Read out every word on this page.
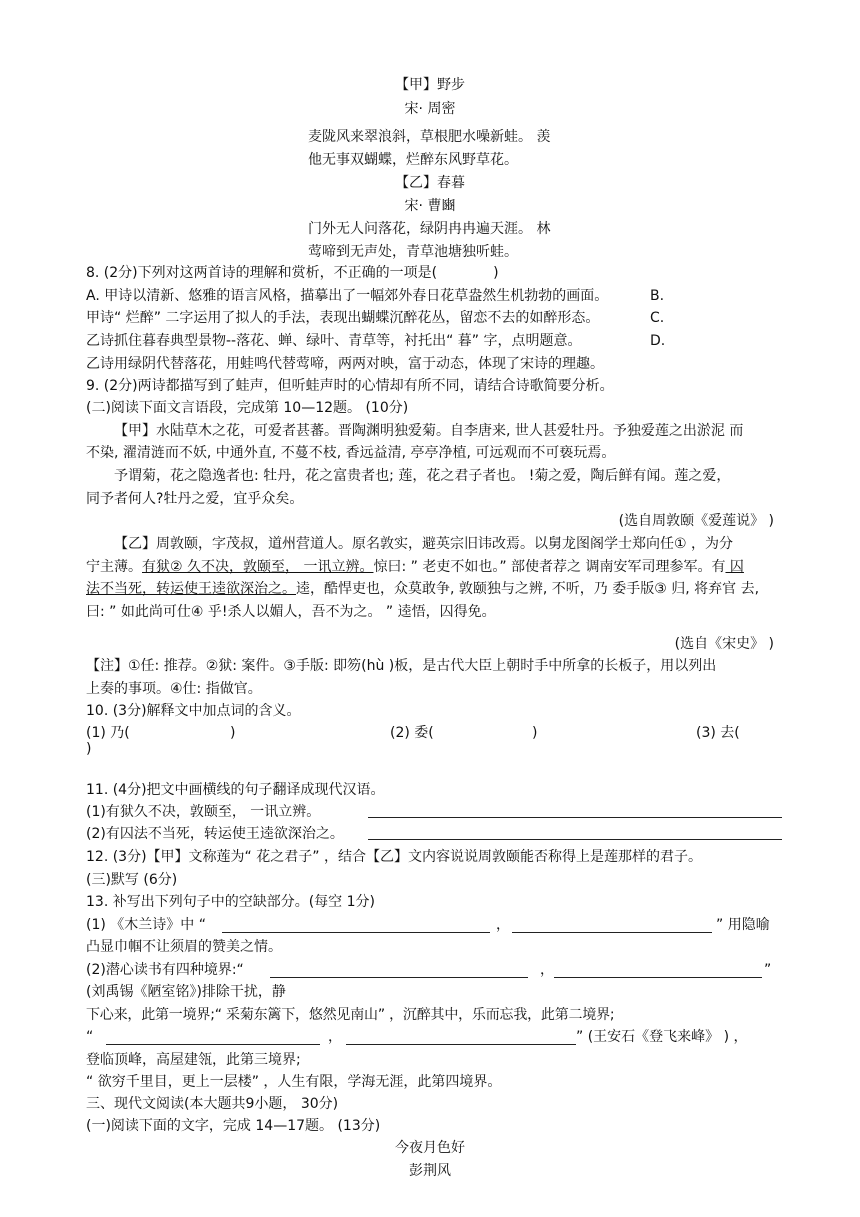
【甲】野步
宋· 周密
麦陇风来翠浪斜，草根肥水噪新蛙。 羡
他无事双蝴蝶，烂醉东风野草花。
【乙】春暮
宋· 曹豳
门外无人问落花，绿阴冉冉遍天涯。 林
莺啼到无声处，青草池塘独听蛙。
8. (2分)下列对这两首诗的理解和赏析，不正确的一项是(　　　　)
A. 甲诗以清新、悠雅的语言风格，描摹出了一幅郊外春日花草盎然生机勃勃的画面。	B.
甲诗“ 烂醉” 二字运用了拟人的手法，表现出蝴蝶沉醉花丛，留恋不去的如醉形态。	C.
乙诗抓住暮春典型景物--落花、蝉、绿叶、青草等，衬托出“ 暮” 字，点明题意。	D.
乙诗用绿阴代替落花，用蛙鸣代替莺啼，两两对映，富于动态，体现了宋诗的理趣。
9. (2分)两诗都描写到了蛙声，但听蛙声时的心情却有所不同，请结合诗歌简要分析。
(二)阅读下面文言语段，完成第 10—12题。 (10分)
【甲】水陆草木之花，可爱者甚蕃。晋陶渊明独爱菊。自李唐来, 世人甚爱牡丹。予独爱莲之出淤泥 而
不染, 濯清涟而不妖, 中通外直, 不蔓不枝, 香远益清, 亭亭净植, 可远观而不可亵玩焉。
予谓菊，花之隐逸者也: 牡丹，花之富贵者也; 莲，花之君子者也。 !菊之爱，陶后鲜有闻。莲之爱，
同予者何人?牡丹之爱，宜乎众矣。
(选自周敦颐《爱莲说》 )
【乙】周敦颐，字茂叔，道州营道人。原名敦实，避英宗旧讳改焉。以舅龙图阁学士郑向任① ，为分
宁主薄。有狱② 久不决，敦颐至， 一讯立辨。惊曰: ” 老吏不如也。” 部使者荐之 调南安军司理参军。有 囚
法不当死，转运使王逵欲深治之。逵，酷悍吏也，众莫敢争, 敦颐独与之辨, 不听，乃 委手版③ 归, 将弃官 去,
曰: ” 如此尚可仕④ 乎!杀人以媚人，吾不为之。 ” 逵悟，囚得免。
(选自《宋史》 )
【注】①任: 推荐。②狱: 案件。③手版: 即笏(hù )板，是古代大臣上朝时手中所拿的长板子，用以列出
上奏的事项。④仕: 指做官。
10. (3分)解释文中加点词的含义。
(1) 乃(	)	(2) 委(	)	(3) 去(
)
11. (4分)把文中画横线的句子翻译成现代汉语。
(1)有狱久不决，敦颐至， 一讯立辨。
(2)有囚法不当死，转运使王逵欲深治之。
12. (3分)【甲】文称莲为“ 花之君子” ，结合【乙】文内容说说周敦颐能否称得上是莲那样的君子。
(三)默写 (6分)
13. 补写出下列句子中的空缺部分。(每空 1分)
(1) 《木兰诗》中 “	，	” 用隐喻
凸显巾帼不让须眉的赞美之情。
(2)潜心读书有四种境界:“	，	”
(刘禹锡《陋室铭》)排除干扰，静
下心来，此第一境界;“ 采菊东篱下，悠然见南山” ，沉醉其中，乐而忘我，此第二境界;
“	，	” (王安石《登飞来峰》 ) ，
登临顶峰，高屋建瓴，此第三境界;
“ 欲穷千里目，更上一层楼” ，人生有限，学海无涯，此第四境界。
三、现代文阅读(本大题共9小题， 30分)
(一)阅读下面的文字，完成 14—17题。 (13分)
今夜月色好
彭荆风
